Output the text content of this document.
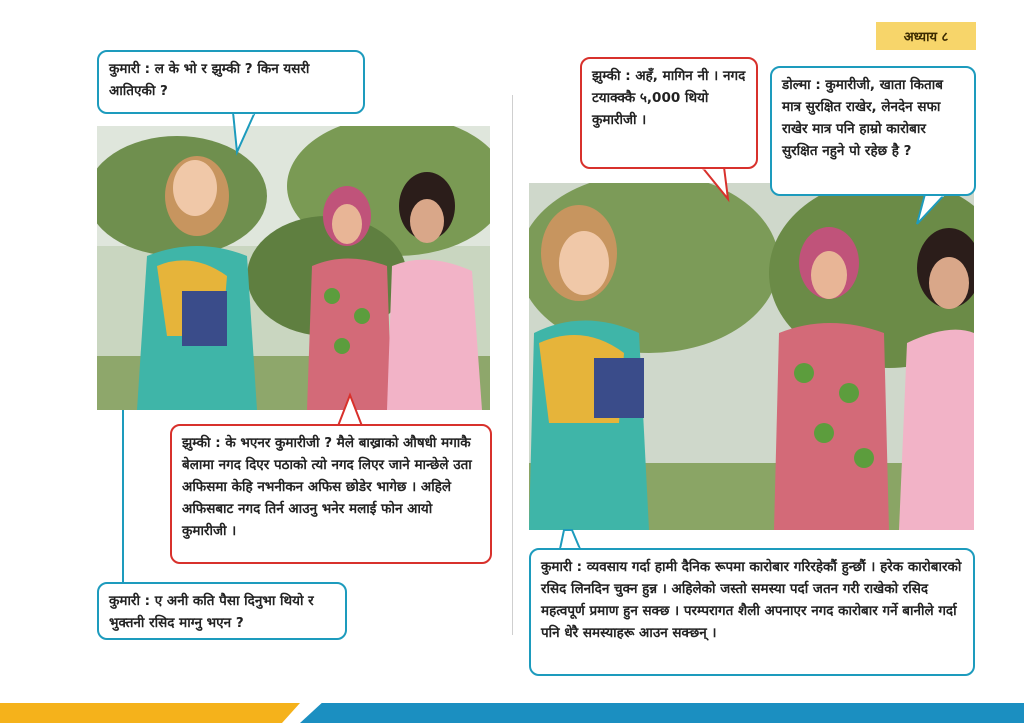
अध्याय ८
कुमारी : ल के भो र झुम्की ? किन यसरी आतिएकी ?
झुम्की : के भएनर कुमारीजी ? मैले बाख्राको औषधी मगाकै बेलामा नगद दिएर पठाको त्यो नगद लिएर जाने मान्छेले उता अफिसमा केहि नभनीकन अफिस छोडेर भागेछ । अहिले अफिसबाट नगद तिर्न आउनु भनेर मलाई फोन आयो कुमारीजी ।
कुमारी : ए अनी कति पैसा दिनुभा थियो र भुक्तनी रसिद माग्नु भएन ?
झुम्की : अहँ, मागिन नी । नगद टयाक्क्कै ५,000 थियो कुमारीजी ।
डोल्मा : कुमारीजी, खाता किताब मात्र सुरक्षित राखेर, लेनदेन सफा राखेर मात्र पनि हाम्रो कारोबार सुरक्षित नहुने पो रहेछ है ?
कुमारी : व्यवसाय गर्दा हामी दैनिक रूपमा कारोबार गरिरहेकौं हुन्छौं । हरेक कारोबारको रसिद लिनदिन चुक्न हुन्न । अहिलेको जस्तो समस्या पर्दा जतन गरी राखेको रसिद महत्वपूर्ण प्रमाण हुन सक्छ । परम्परागत शैली अपनाएर नगद कारोबार गर्ने बानीले गर्दा पनि धेरै समस्याहरू आउन सक्छन् ।
